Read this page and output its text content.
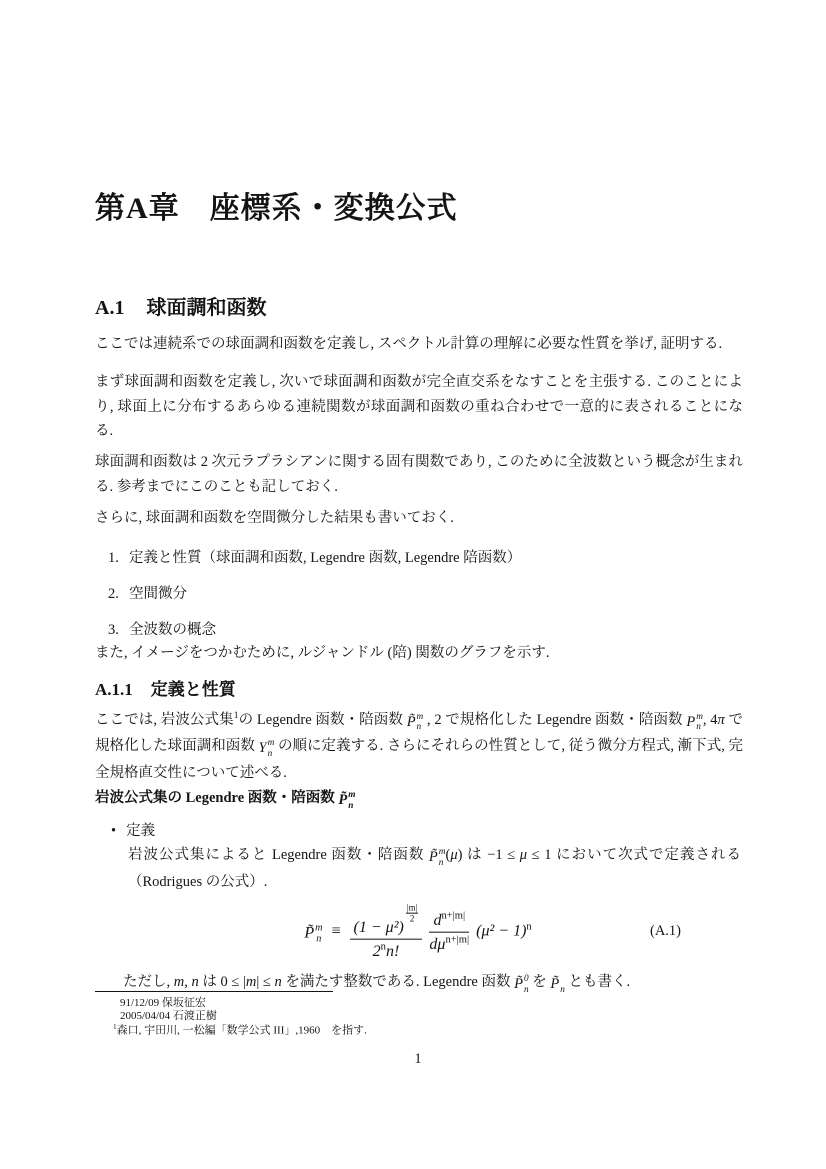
第A章 座標系・変換公式
A.1 球面調和函数

ここでは連続系での球面調和函数を定義し, スペクトル計算の理解に必要な性質を挙げ, 証明する.

まず球面調和函数を定義し, 次いで球面調和函数が完全直交系をなすことを主張する. このことにより, 球面上に分布するあらゆる連続関数が球面調和函数の重ね合わせで一意的に表されることになる.

球面調和函数は 2 次元ラプラシアンに関する固有関数であり, このために全波数という概念が生まれる. 参考までにこのことも記しておく.

さらに, 球面調和函数を空間微分した結果も書いておく.

1. 定義と性質（球面調和函数, Legendre 函数, Legendre 陪函数）
2. 空間微分
3. 全波数の概念

また, イメージをつかむために, ルジャンドル (陪) 関数のグラフを示す.

A.1.1 定義と性質

ここでは, 岩波公式集$^1$の Legendre 函数・陪函数 P̃ m
n , 2 で規格化した Legendre 函数・陪函数 P m
n , 4π で規格化した球面調和函数 Y m
n の順に定義する. さらにそれらの性質として, 従う微分方程式, 漸下式, 完全規格直交性について述べる.

岩波公式集の Legendre 函数・陪函数 P̃ m
n
• 定義

岩波公式集によると Legendre 函数・陪函数 P̃ m
n (μ) は −1 ≤ μ ≤ 1 において次式で定義される（Rodrigues の公式）.

P̃ m
n ≡ (1 − μ²)
$\frac{|m|}{2}$
2$^n$n! $\frac{d^{n+|m|}}{d\mu^{n+|m|}} (\mu^2 - 1)^n$	(A.1)
ただし, m, n は 0 ≤ |m| ≤ n を満たす整数である. Legendre 函数 P̃ 0
n を P̃ n とも書く.

91/12/09 保坂征宏

2005/04/04 石渡正樹

$^1$森口, 宇田川, 一松編「数学公式 III」,1960　を指す.

1
